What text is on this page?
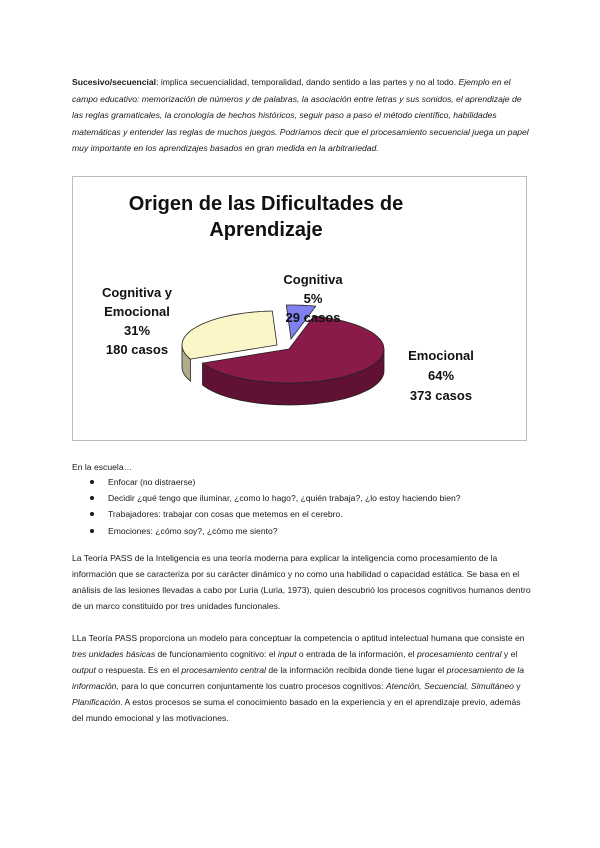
Sucesivo/secuencial: implica secuencialidad, temporalidad, dando sentido a las partes y no al todo. Ejemplo en el campo educativo: memorización de números y de palabras, la asociación entre letras y sus sonidos, el aprendizaje de las reglas gramaticales, la cronología de hechos históricos, seguir paso a paso el método científico, habilidades matemáticas y entender las reglas de muchos juegos. Podríamos decir que el procesamiento secuencial juega un papel muy importante en los aprendizajes basados en gran medida en la arbitrariedad.

Origen de las Dificultades de
Aprendizaje
Cognitiva
5%
29 casos
Emocional
64%
373 casos
Cognitiva y
Emocional
31%
180 casos

En la escuela…

Enfocar (no distraerse)
Decidir ¿qué tengo que iluminar, ¿como lo hago?, ¿quién trabaja?, ¿lo estoy haciendo bien?
Trabajadores: trabajar con cosas que metemos en el cerebro.
Emociones: ¿cómo soy?, ¿cómo me siento?

La Teoría PASS de la Inteligencia es una teoría moderna para explicar la inteligencia como procesamiento de la información que se caracteriza por su carácter dinámico y no como una habilidad o capacidad estática. Se basa en el análisis de las lesiones llevadas a cabo por Luria (Luria, 1973), quien descubrió los procesos cognitivos humanos dentro de un marco constituido por tres unidades funcionales.

LLa Teoría PASS proporciona un modelo para conceptuar la competencia o aptitud intelectual humana que consiste en tres unidades básicas de funcionamiento cognitivo: el input o entrada de la información, el procesamiento central y el output o respuesta. Es en el procesamiento central de la información recibida donde tiene lugar el procesamiento de la información, para lo que concurren conjuntamente los cuatro procesos cognitivos: Atención, Secuencial, Simultáneo y Planificación. A estos procesos se suma el conocimiento basado en la experiencia y en el aprendizaje previo, además del mundo emocional y las motivaciones.
